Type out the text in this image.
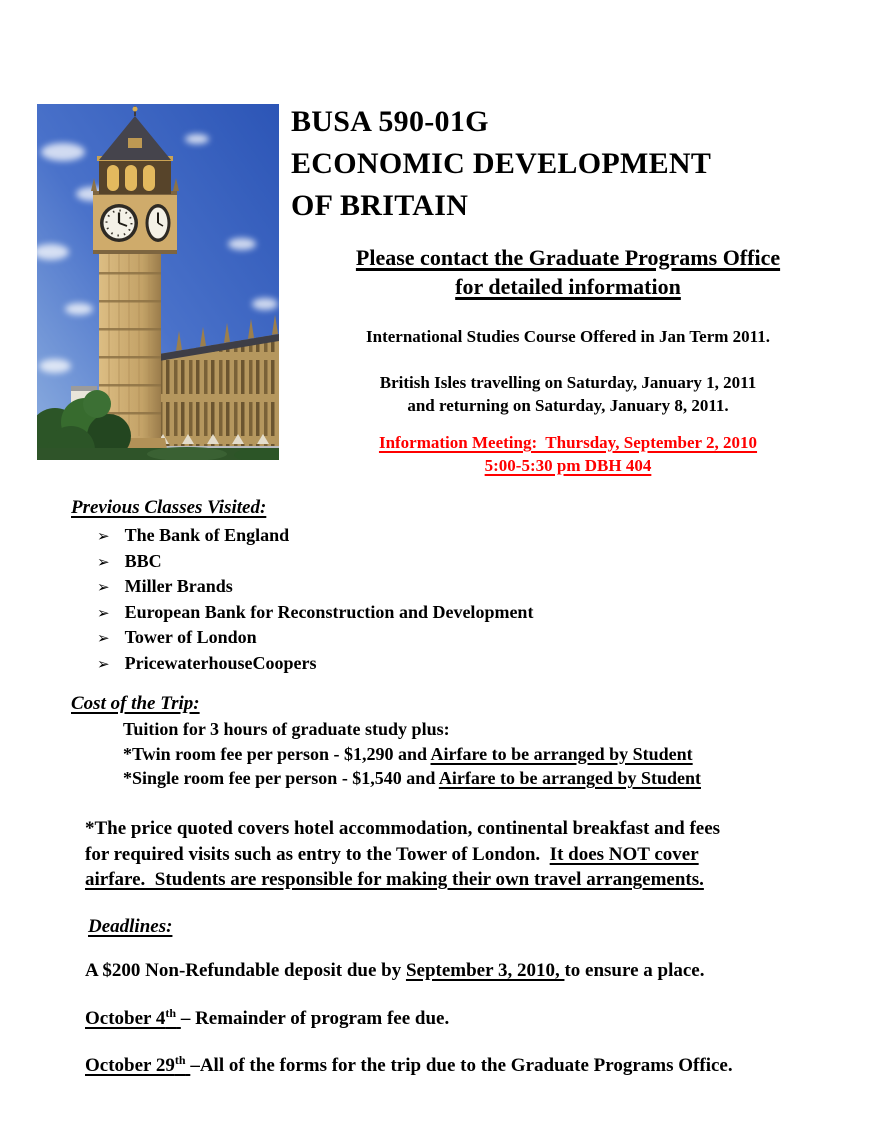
BUSA 590-01G
ECONOMIC DEVELOPMENT
OF BRITAIN
Please contact the Graduate Programs Office
for detailed information
International Studies Course Offered in Jan Term 2011.
British Isles travelling on Saturday, January 1, 2011
and returning on Saturday, January 8, 2011.
Information Meeting:  Thursday, September 2, 2010
5:00-5:30 pm DBH 404
Previous Classes Visited:
➢ The Bank of England
➢ BBC
➢ Miller Brands
➢ European Bank for Reconstruction and Development
➢ Tower of London
➢ PricewaterhouseCoopers
Cost of the Trip:
Tuition for 3 hours of graduate study plus:
*Twin room fee per person - $1,290 and Airfare to be arranged by Student
*Single room fee per person - $1,540 and Airfare to be arranged by Student
*The price quoted covers hotel accommodation, continental breakfast and fees
for required visits such as entry to the Tower of London.  It does NOT cover
airfare.  Students are responsible for making their own travel arrangements.
Deadlines:
A $200 Non-Refundable deposit due by September 3, 2010, to ensure a place.
October 4th – Remainder of program fee due.
October 29th –All of the forms for the trip due to the Graduate Programs Office.
